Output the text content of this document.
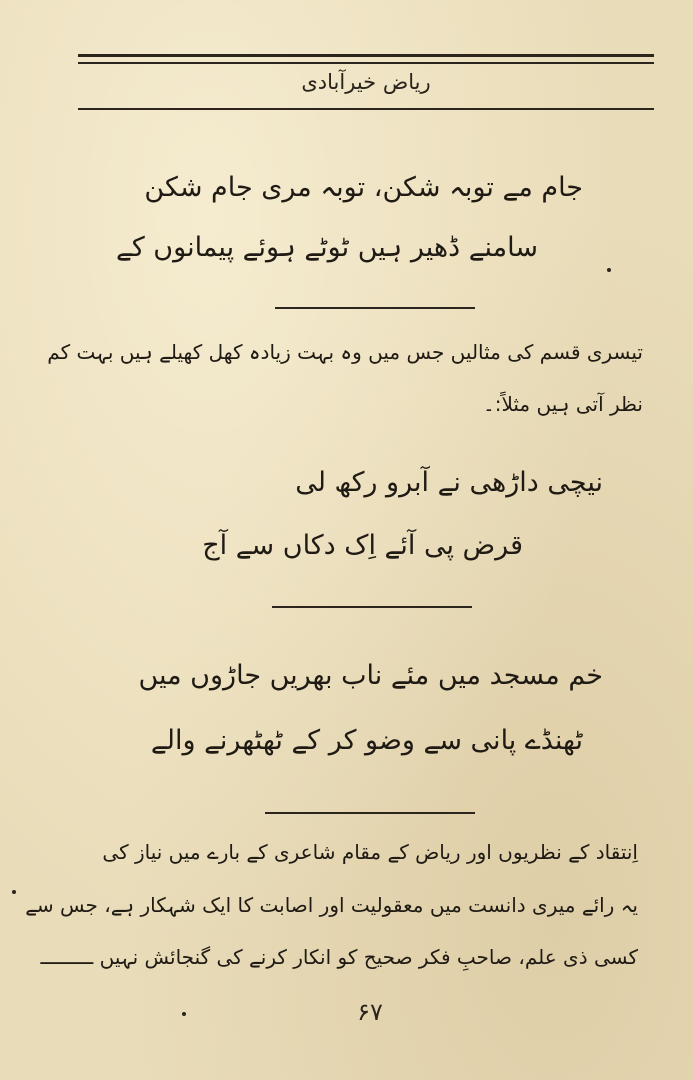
ریاض خیرآبادی
جام مے توبہ شکن، توبہ مری جام شکن
سامنے ڈھیر ہیں ٹوٹے ہوئے پیمانوں کے
تیسری قسم کی مثالیں جس میں وہ بہت زیادہ کھل کھیلے ہیں بہت کم
نظر آتی ہیں مثلاً:۔
نیچی داڑھی نے آبرو رکھ لی
قرض پی آئے اِک دکاں سے آج
خم مسجد میں مئے ناب بھریں جاڑوں میں
ٹھنڈے پانی سے وضو کر کے ٹھٹھرنے والے
اِنتقاد کے نظریوں اور ریاض کے مقام شاعری کے بارے میں نیاز کی
یہ رائے میری دانست میں معقولیت اور اصابت کا ایک شہکار ہے، جس سے
کسی ذی علم، صاحبِ فکر صحیح کو انکار کرنے کی گنجائش نہیں ـــــــــ
۶۷
